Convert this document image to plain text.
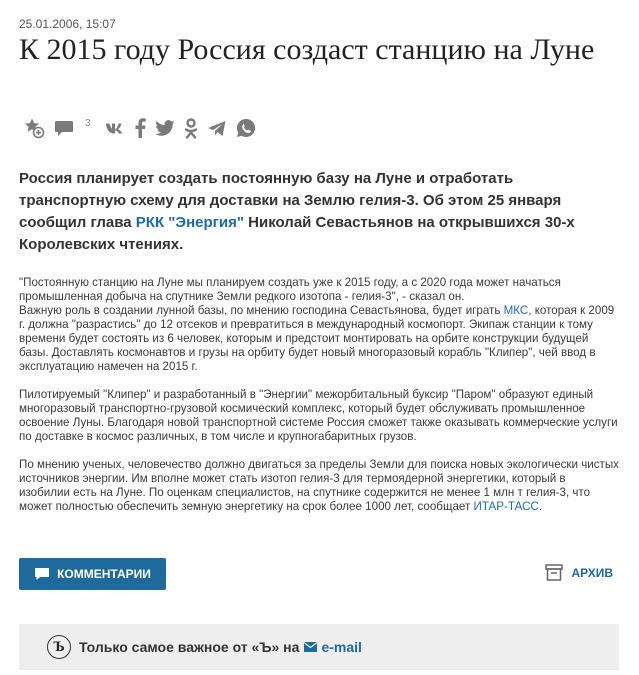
25.01.2006, 15:07
К 2015 году Россия создаст станцию на Луне
3
Россия планирует создать постоянную базу на Луне и отработать транспортную схему для доставки на Землю гелия-3. Об этом 25 января сообщил глава РКК "Энергия" Николай Севастьянов на открывшихся 30-х Королевских чтениях.

"Постоянную станцию на Луне мы планируем создать уже к 2015 году, а с 2020 года может начаться промышленная добыча на спутнике Земли редкого изотопа - гелия-3", - сказал он.
Важную роль в создании лунной базы, по мнению господина Севастьянова, будет играть МКС, которая к 2009 г. должна "разрастись" до 12 отсеков и превратиться в международный космопорт. Экипаж станции к тому времени будет состоять из 6 человек, которым и предстоит монтировать на орбите конструкции будущей базы. Доставлять космонавтов и грузы на орбиту будет новый многоразовый корабль "Клипер", чей ввод в эксплуатацию намечен на 2015 г.

Пилотируемый "Клипер" и разработанный в "Энергии" межорбитальный буксир "Паром" образуют единый многоразовый транспортно-грузовой космический комплекс, который будет обслуживать промышленное освоение Луны. Благодаря новой транспортной системе Россия сможет также оказывать коммерческие услуги по доставке в космос различных, в том числе и крупногабаритных грузов.

По мнению ученых, человечество должно двигаться за пределы Земли для поиска новых экологически чистых источников энергии. Им вполне может стать изотоп гелия-3 для термоядерной энергетики, который в изобилии есть на Луне. По оценкам специалистов, на спутнике содержится не менее 1 млн т гелия-3, что может полностью обеспечить земную энергетику на срок более 1000 лет, сообщает ИТАР-ТАСС.

КОММЕНТАРИИ	АРХИВ
Ъ	Только самое важное от «Ъ» на e-mail
